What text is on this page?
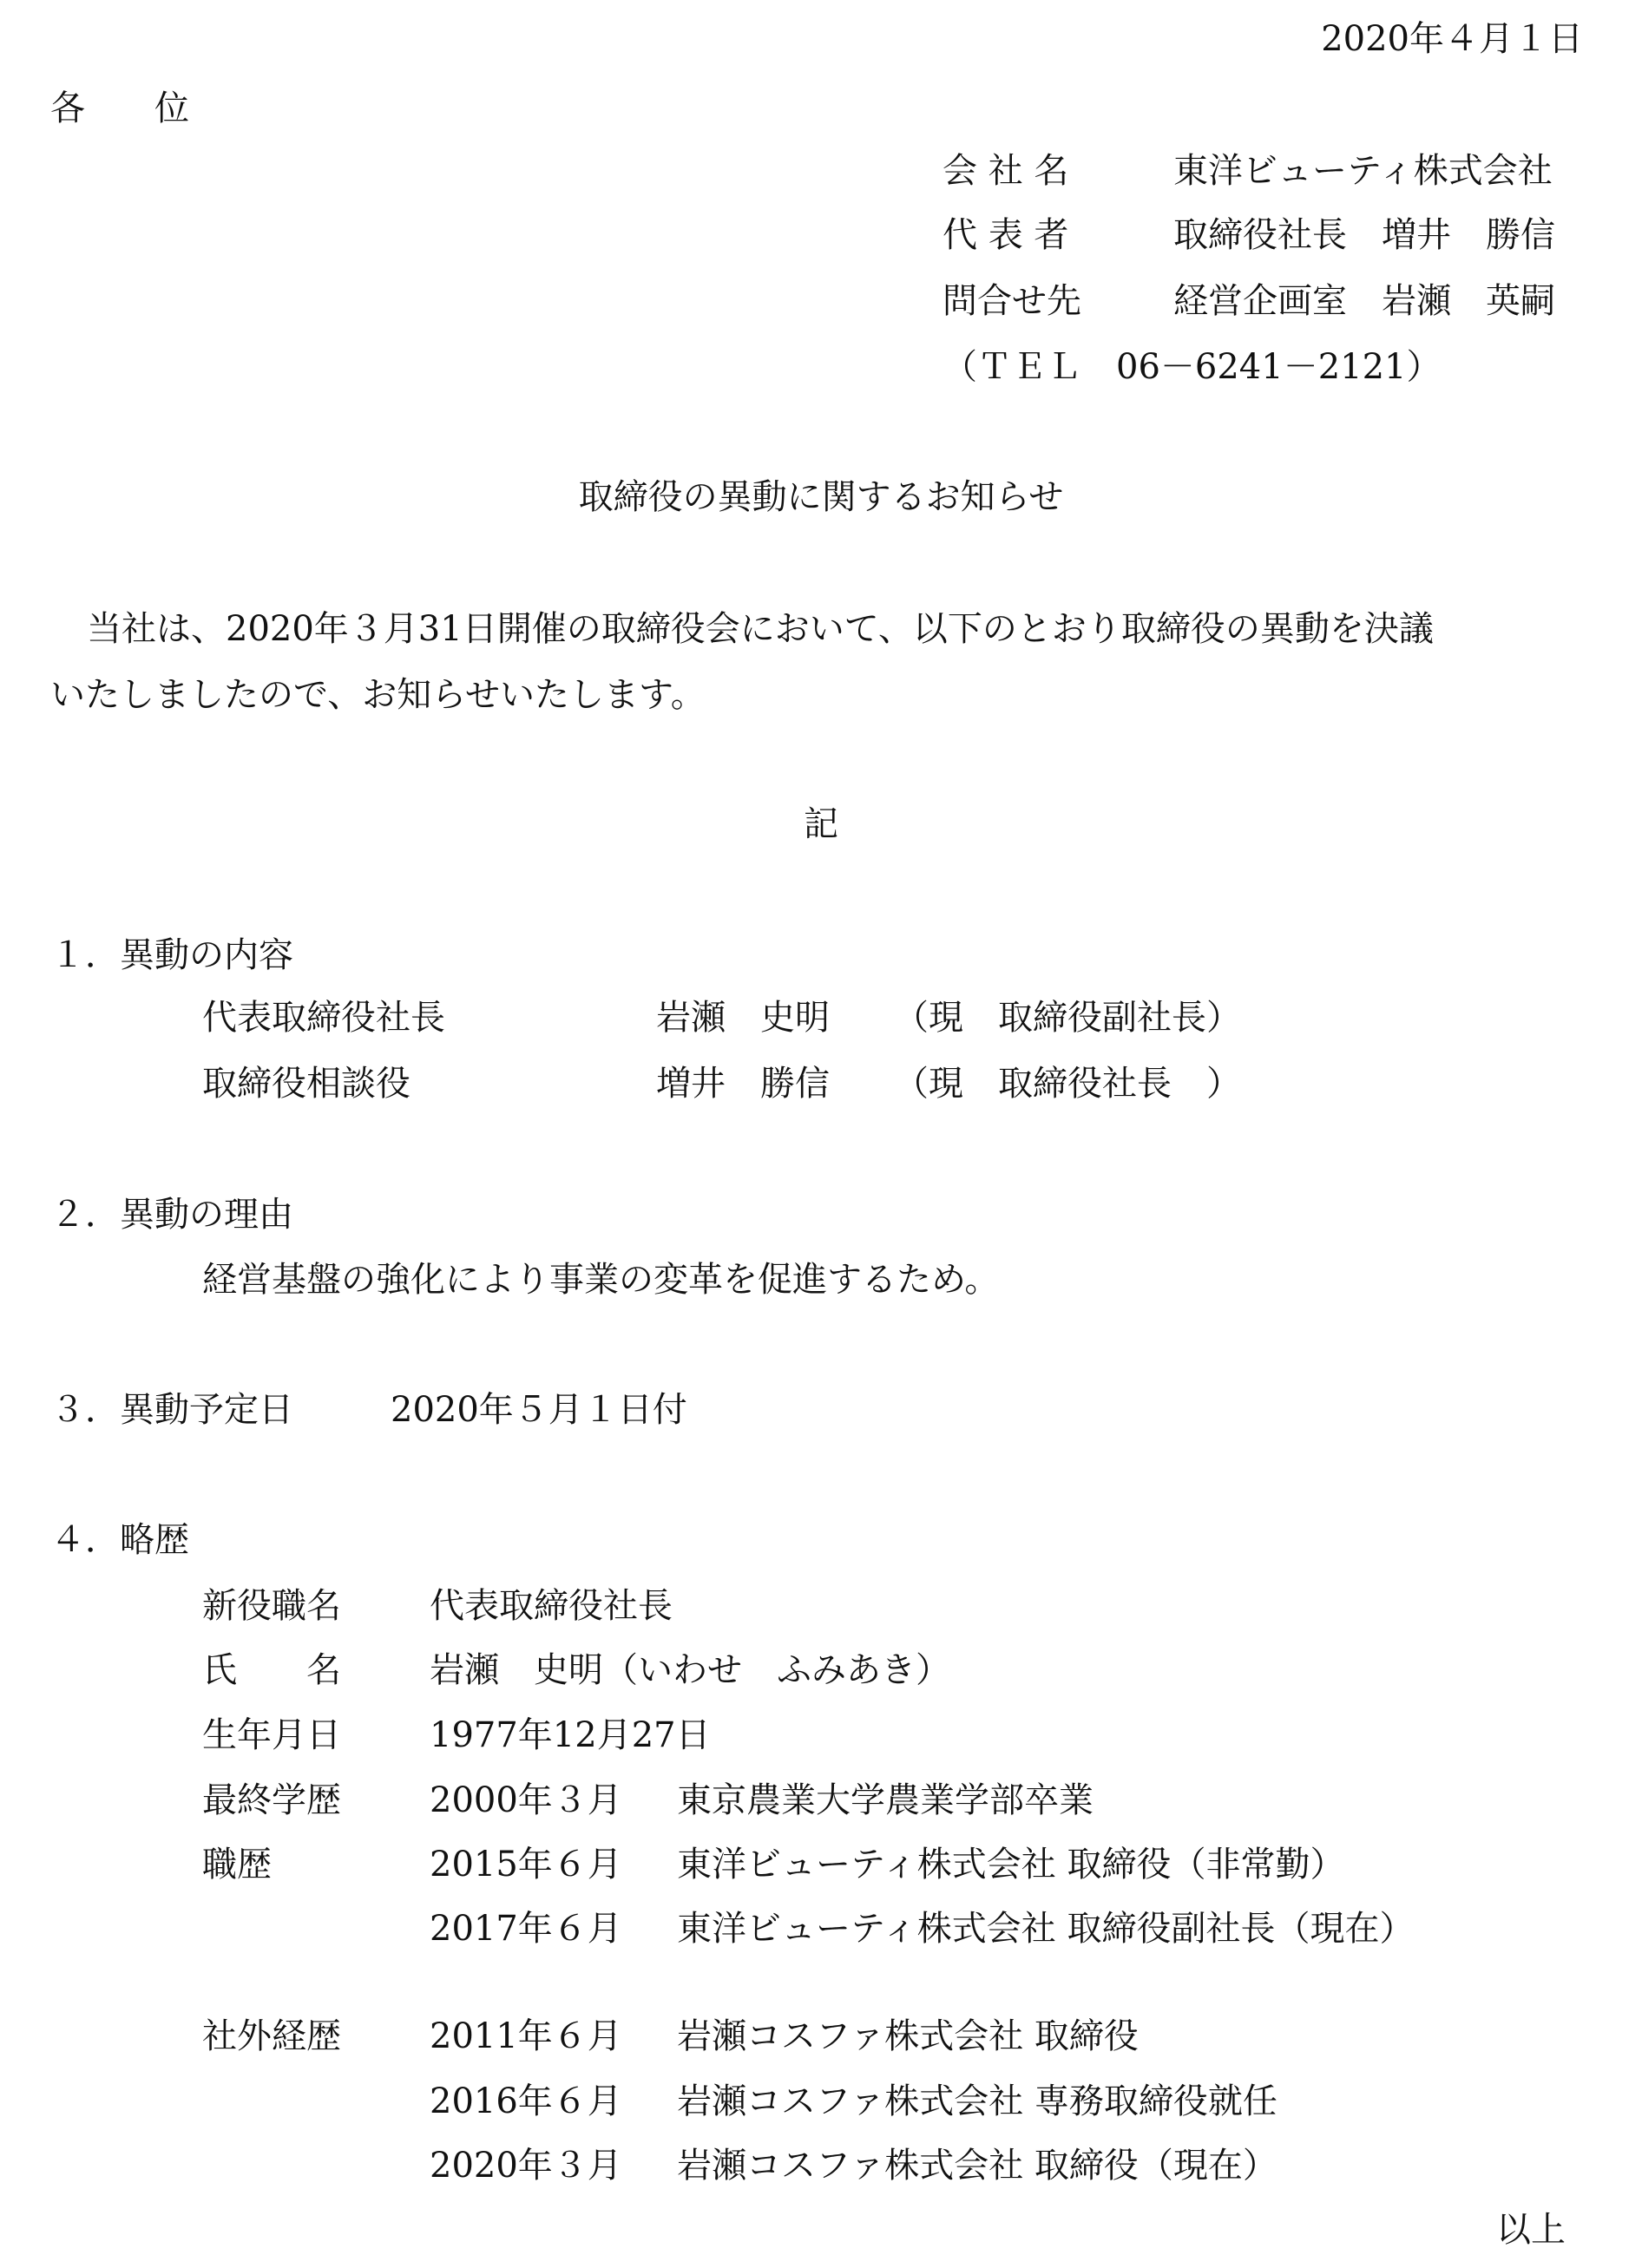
2020年４月１日
各　　位
会 社 名	東洋ビューティ株式会社
代 表 者	取締役社長　増井　勝信
問合せ先	経営企画室　岩瀬　英嗣
（ＴＥＬ　06－6241－2121）
取締役の異動に関するお知らせ
当社は、2020年３月31日開催の取締役会において、以下のとおり取締役の異動を決議
いたしましたので、お知らせいたします。
記
１．異動の内容
代表取締役社長	岩瀬　史明 （現　取締役副社長）
取締役相談役	増井　勝信 （現　取締役社長　）
２．異動の理由
経営基盤の強化により事業の変革を促進するため。
３．異動予定日	2020年５月１日付
４．略歴
新役職名	代表取締役社長
氏　　名	岩瀬　史明（いわせ　ふみあき）
生年月日	1977年12月27日
最終学歴	2000年３月 東京農業大学農業学部卒業
職歴	2015年６月 東洋ビューティ株式会社 取締役（非常勤）
2017年６月 東洋ビューティ株式会社 取締役副社長（現在）
社外経歴	2011年６月 岩瀬コスファ株式会社 取締役
2016年６月 岩瀬コスファ株式会社 専務取締役就任
2020年３月 岩瀬コスファ株式会社 取締役（現在）
以上
